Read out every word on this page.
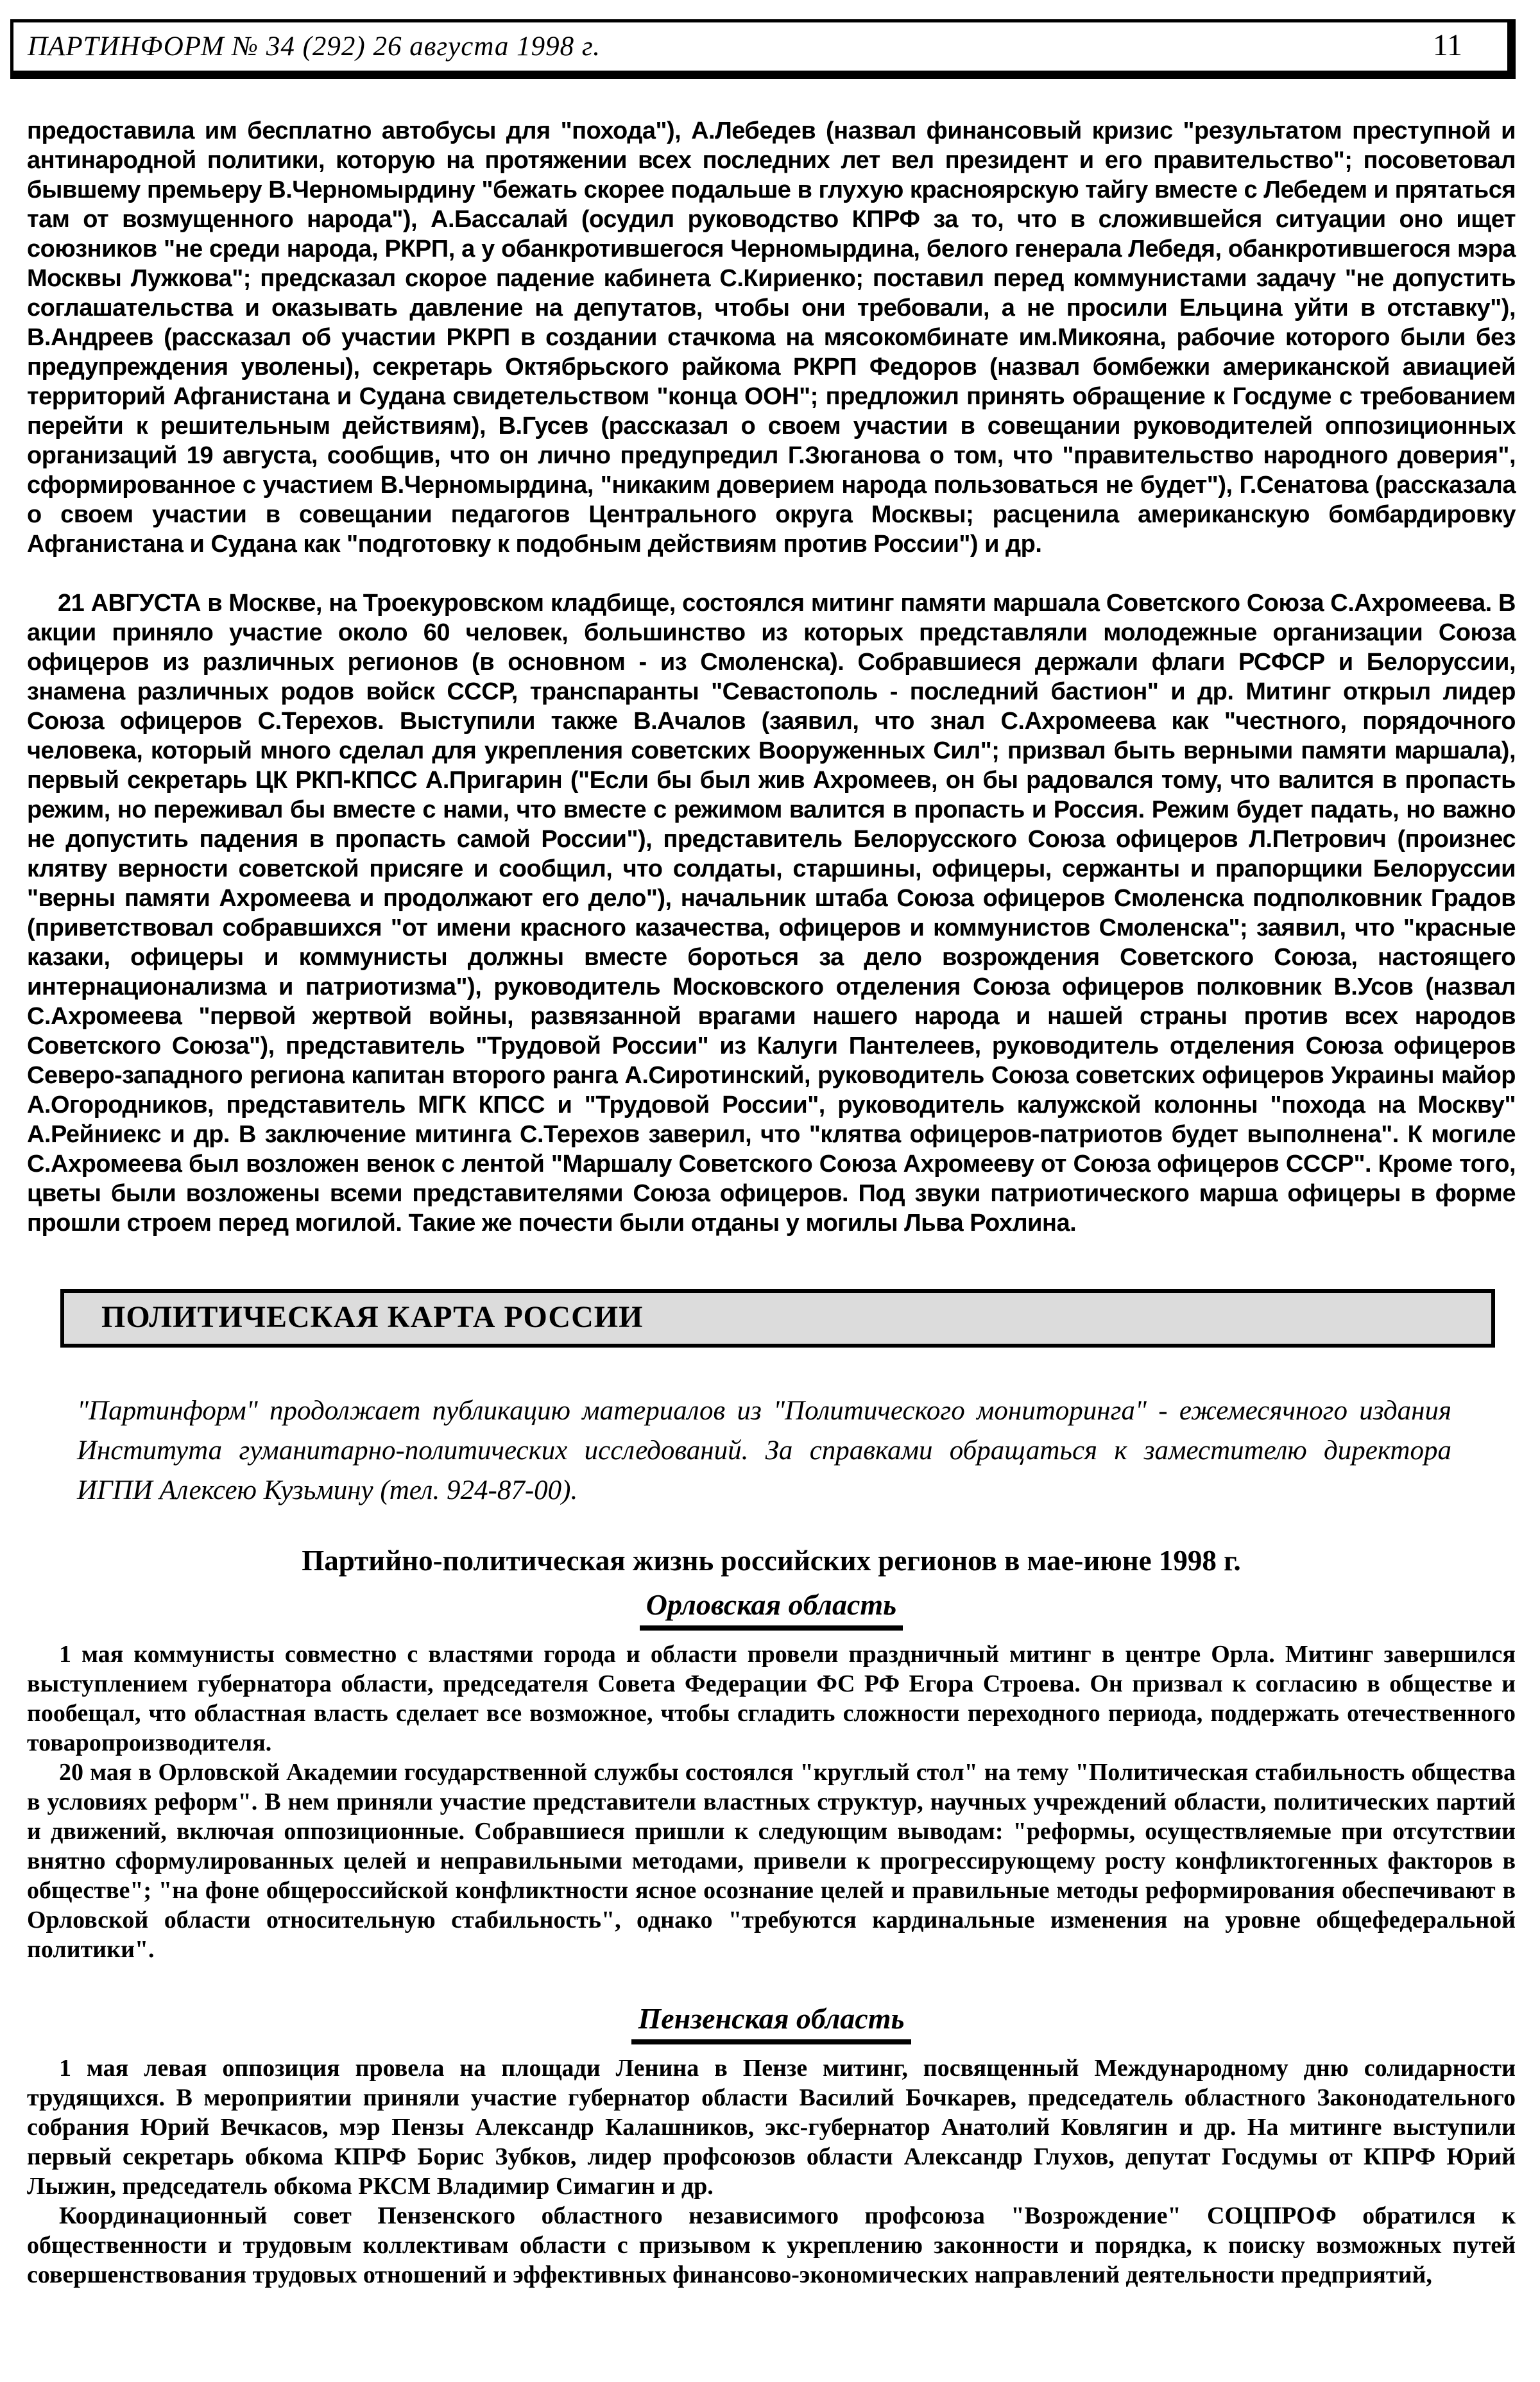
ПАРТИНФОРМ № 34 (292) 26 августа 1998 г.	11

предоставила им бесплатно автобусы для "похода"), А.Лебедев (назвал финансовый кризис "результатом преступной и антинародной политики, которую на протяжении всех последних лет вел президент и его правительство"; посоветовал бывшему премьеру В.Черномырдину "бежать скорее подальше в глухую красноярскую тайгу вместе с Лебедем и прятаться там от возмущенного народа"), А.Бассалай (осудил руководство КПРФ за то, что в сложившейся ситуации оно ищет союзников "не среди народа, РКРП, а у обанкротившегося Черномырдина, белого генерала Лебедя, обанкротившегося мэра Москвы Лужкова"; предсказал скорое падение кабинета С.Кириенко; поставил перед коммунистами задачу "не допустить соглашательства и оказывать давление на депутатов, чтобы они требовали, а не просили Ельцина уйти в отставку"), В.Андреев (рассказал об участии РКРП в создании стачкома на мясокомбинате им.Микояна, рабочие которого были без предупреждения уволены), секретарь Октябрьского райкома РКРП Федоров (назвал бомбежки американской авиацией территорий Афганистана и Судана свидетельством "конца ООН"; предложил принять обращение к Госдуме с требованием перейти к решительным действиям), В.Гусев (рассказал о своем участии в совещании руководителей оппозиционных организаций 19 августа, сообщив, что он лично предупредил Г.Зюганова о том, что "правительство народного доверия", сформированное с участием В.Черномырдина, "никаким доверием народа пользоваться не будет"), Г.Сенатова (рассказала о своем участии в совещании педагогов Центрального округа Москвы; расценила американскую бомбардировку Афганистана и Судана как "подготовку к подобным действиям против России") и др.

21 АВГУСТА в Москве, на Троекуровском кладбище, состоялся митинг памяти маршала Советского Союза С.Ахромеева. В акции приняло участие около 60 человек, большинство из которых представляли молодежные организации Союза офицеров из различных регионов (в основном - из Смоленска). Собравшиеся держали флаги РСФСР и Белоруссии, знамена различных родов войск СССР, транспаранты "Севастополь - последний бастион" и др. Митинг открыл лидер Союза офицеров С.Терехов. Выступили также В.Ачалов (заявил, что знал С.Ахромеева как "честного, порядочного человека, который много сделал для укрепления советских Вооруженных Сил"; призвал быть верными памяти маршала), первый секретарь ЦК РКП-КПСС А.Пригарин ("Если бы был жив Ахромеев, он бы радовался тому, что валится в пропасть режим, но переживал бы вместе с нами, что вместе с режимом валится в пропасть и Россия. Режим будет падать, но важно не допустить падения в пропасть самой России"), представитель Белорусского Союза офицеров Л.Петрович (произнес клятву верности советской присяге и сообщил, что солдаты, старшины, офицеры, сержанты и прапорщики Белоруссии "верны памяти Ахромеева и продолжают его дело"), начальник штаба Союза офицеров Смоленска подполковник Градов (приветствовал собравшихся "от имени красного казачества, офицеров и коммунистов Смоленска"; заявил, что "красные казаки, офицеры и коммунисты должны вместе бороться за дело возрождения Советского Союза, настоящего интернационализма и патриотизма"), руководитель Московского отделения Союза офицеров полковник В.Усов (назвал С.Ахромеева "первой жертвой войны, развязанной врагами нашего народа и нашей страны против всех народов Советского Союза"), представитель "Трудовой России" из Калуги Пантелеев, руководитель отделения Союза офицеров Северо-западного региона капитан второго ранга А.Сиротинский, руководитель Союза советских офицеров Украины майор А.Огородников, представитель МГК КПСС и "Трудовой России", руководитель калужской колонны "похода на Москву" А.Рейниекс и др. В заключение митинга С.Терехов заверил, что "клятва офицеров-патриотов будет выполнена". К могиле С.Ахромеева был возложен венок с лентой "Маршалу Советского Союза Ахромееву от Союза офицеров СССР". Кроме того, цветы были возложены всеми представителями Союза офицеров. Под звуки патриотического марша офицеры в форме прошли строем перед могилой. Такие же почести были отданы у могилы Льва Рохлина.

ПОЛИТИЧЕСКАЯ КАРТА РОССИИ

"Партинформ" продолжает публикацию материалов из "Политического мониторинга" - ежемесячного издания Института гуманитарно-политических исследований. За справками обращаться к заместителю директора ИГПИ Алексею Кузьмину (тел. 924-87-00).

Партийно-политическая жизнь российских регионов в мае-июне 1998 г.
Орловская область

1 мая коммунисты совместно с властями города и области провели праздничный митинг в центре Орла. Митинг завершился выступлением губернатора области, председателя Совета Федерации ФС РФ Егора Строева. Он призвал к согласию в обществе и пообещал, что областная власть сделает все возможное, чтобы сгладить сложности переходного периода, поддержать отечественного товаропроизводителя.

20 мая в Орловской Академии государственной службы состоялся "круглый стол" на тему "Политическая стабильность общества в условиях реформ". В нем приняли участие представители властных структур, научных учреждений области, политических партий и движений, включая оппозиционные. Собравшиеся пришли к следующим выводам: "реформы, осуществляемые при отсутствии внятно сформулированных целей и неправильными методами, привели к прогрессирующему росту конфликтогенных факторов в обществе"; "на фоне общероссийской конфликтности ясное осознание целей и правильные методы реформирования обеспечивают в Орловской области относительную стабильность", однако "требуются кардинальные изменения на уровне общефедеральной политики".

Пензенская область

1 мая левая оппозиция провела на площади Ленина в Пензе митинг, посвященный Международному дню солидарности трудящихся. В мероприятии приняли участие губернатор области Василий Бочкарев, председатель областного Законодательного собрания Юрий Вечкасов, мэр Пензы Александр Калашников, экс-губернатор Анатолий Ковлягин и др. На митинге выступили первый секретарь обкома КПРФ Борис Зубков, лидер профсоюзов области Александр Глухов, депутат Госдумы от КПРФ Юрий Лыжин, председатель обкома РКСМ Владимир Симагин и др.

Координационный совет Пензенского областного независимого профсоюза "Возрождение" СОЦПРОФ обратился к общественности и трудовым коллективам области с призывом к укреплению законности и порядка, к поиску возможных путей совершенствования трудовых отношений и эффективных финансово-экономических направлений деятельности предприятий,
